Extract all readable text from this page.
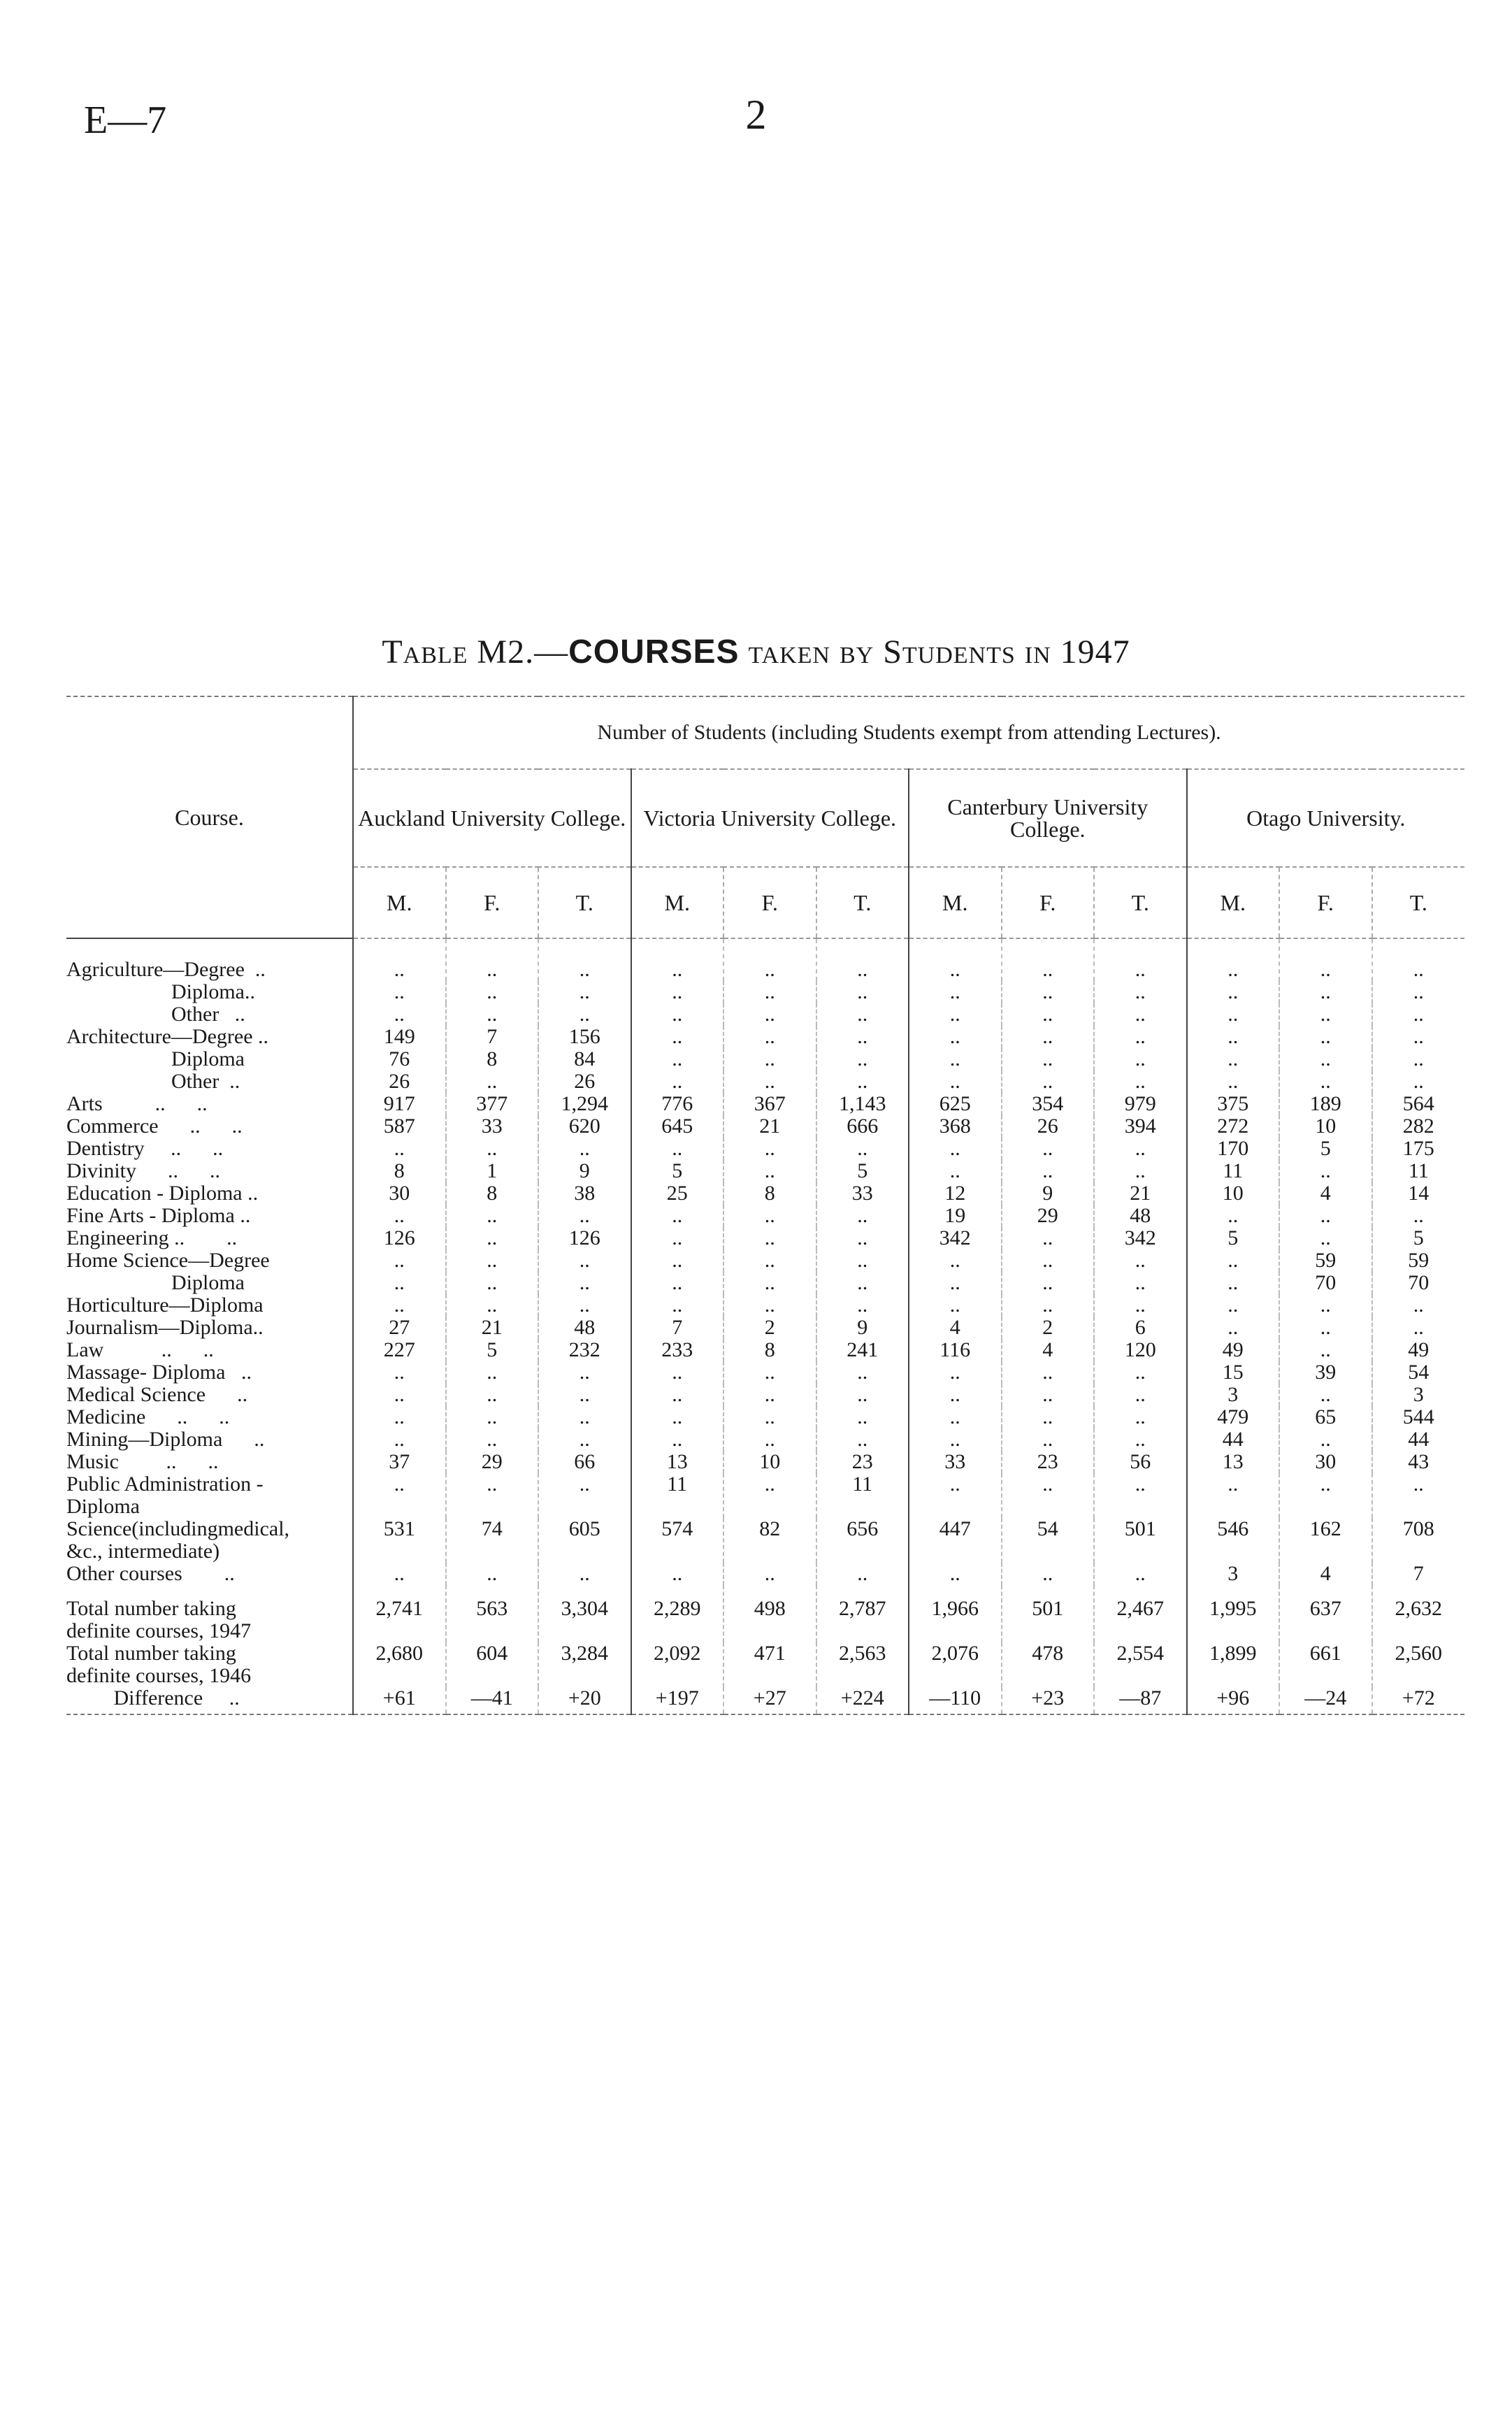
E—7	2
Table M2.—COURSES taken by Students in 1947
Course.	Number of Students (including Students exempt from attending Lectures).											
	Auckland University College.			Victoria University College.			Canterbury University College.			Otago University.		
	M.	F.	T.	M.	F.	T.	M.	F.	T.	M.	F.	T.
Agriculture—Degree  ..	..	..	..	..	..	..	..	..	..	..	..	..
Diploma..	..	..	..	..	..	..	..	..	..	..	..	..
Other   ..	..	..	..	..	..	..	..	..	..	..	..	..
Architecture—Degree ..	149	7	156	..	..	..	..	..	..	..	..	..
Diploma	76	8	84	..	..	..	..	..	..	..	..	..
Other  ..	26	..	26	..	..	..	..	..	..	..	..	..
Arts          ..      ..	917	377	1,294	776	367	1,143	625	354	979	375	189	564
Commerce      ..      ..	587	33	620	645	21	666	368	26	394	272	10	282
Dentistry     ..      ..	..	..	..	..	..	..	..	..	..	170	5	175
Divinity      ..      ..	8	1	9	5	..	5	..	..	..	11	..	11
Education - Diploma ..	30	8	38	25	8	33	12	9	21	10	4	14
Fine Arts - Diploma ..	..	..	..	..	..	..	19	29	48	..	..	..
Engineering ..        ..	126	..	126	..	..	..	342	..	342	5	..	5
Home Science—Degree	..	..	..	..	..	..	..	..	..	..	59	59
Diploma	..	..	..	..	..	..	..	..	..	..	70	70
Horticulture—Diploma	..	..	..	..	..	..	..	..	..	..	..	..
Journalism—Diploma..	27	21	48	7	2	9	4	2	6	..	..	..
Law           ..      ..	227	5	232	233	8	241	116	4	120	49	..	49
Massage- Diploma   ..	..	..	..	..	..	..	..	..	..	15	39	54
Medical Science      ..	..	..	..	..	..	..	..	..	..	3	..	3
Medicine      ..      ..	..	..	..	..	..	..	..	..	..	479	65	544
Mining—Diploma      ..	..	..	..	..	..	..	..	..	..	44	..	44
Music         ..      ..	37	29	66	13	10	23	33	23	56	13	30	43
Public Administration -
Diploma	..	..	..	11	..	11	..	..	..	..	..	..
Science(includingmedical,
&c., intermediate)	531	74	605	574	82	656	447	54	501	546	162	708
Other courses        ..	..	..	..	..	..	..	..	..	..	3	4	7
Total number taking
definite courses, 1947	2,741	563	3,304	2,289	498	2,787	1,966	501	2,467	1,995	637	2,632
Total number taking
definite courses, 1946	2,680	604	3,284	2,092	471	2,563	2,076	478	2,554	1,899	661	2,560
Difference     ..	+61	—41	+20	+197	+27	+224	—110	+23	—87	+96	—24	+72
